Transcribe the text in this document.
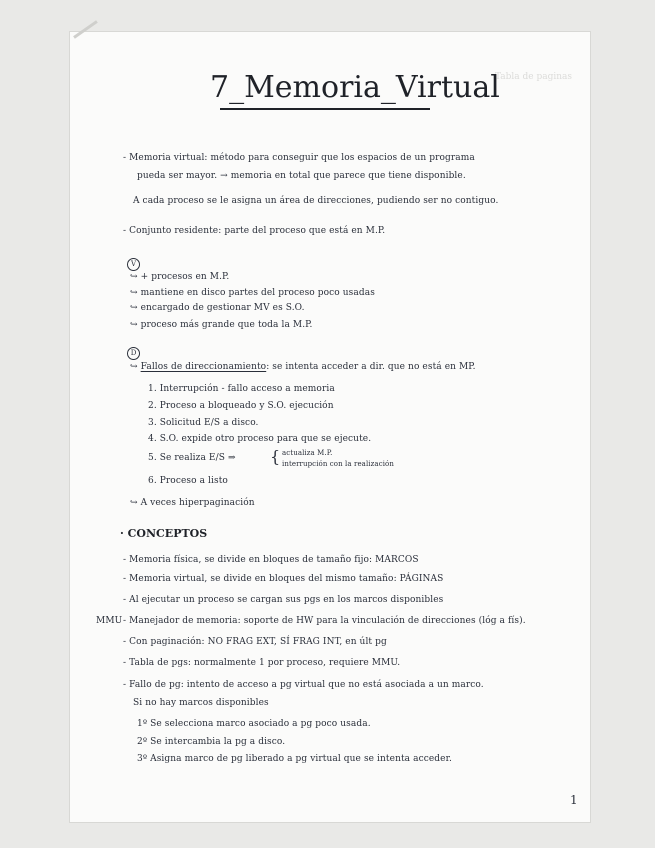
Tabla de paginas
7_Memoria_Virtual
- Memoria virtual: método para conseguir que los espacios de un programa
pueda ser mayor. → memoria en total que parece que tiene disponible.
A cada proceso se le asigna un área de direcciones, pudiendo ser no contiguo.
- Conjunto residente: parte del proceso que está en M.P.
V
↪ + procesos en M.P.
↪ mantiene en disco partes del proceso poco usadas
↪ encargado de gestionar MV es S.O.
↪ proceso más grande que toda la M.P.
D
↪ Fallos de direccionamiento: se intenta acceder a dir. que no está en MP.
1. Interrupción - fallo acceso a memoria
2. Proceso a bloqueado y S.O. ejecución
3. Solicitud E/S a disco.
4. S.O. expide otro proceso para que se ejecute.
5. Se realiza E/S ⇒ { actualiza M.P.
interrupción con la realización
6. Proceso a listo
↪ A veces hiperpaginación
· CONCEPTOS
- Memoria física, se divide en bloques de tamaño fijo: MARCOS
- Memoria virtual, se divide en bloques del mismo tamaño: PÁGINAS
- Al ejecutar un proceso se cargan sus pgs en los marcos disponibles
MMU - Manejador de memoria: soporte de HW para la vinculación de direcciones (lóg a fís).
- Con paginación: NO FRAG EXT, SÍ FRAG INT, en últ pg
- Tabla de pgs: normalmente 1 por proceso, requiere MMU.
- Fallo de pg: intento de acceso a pg virtual que no está asociada a un marco.
Si no hay marcos disponibles
1º Se selecciona marco asociado a pg poco usada.
2º Se intercambia la pg a disco.
3º Asigna marco de pg liberado a pg virtual que se intenta acceder.
1
